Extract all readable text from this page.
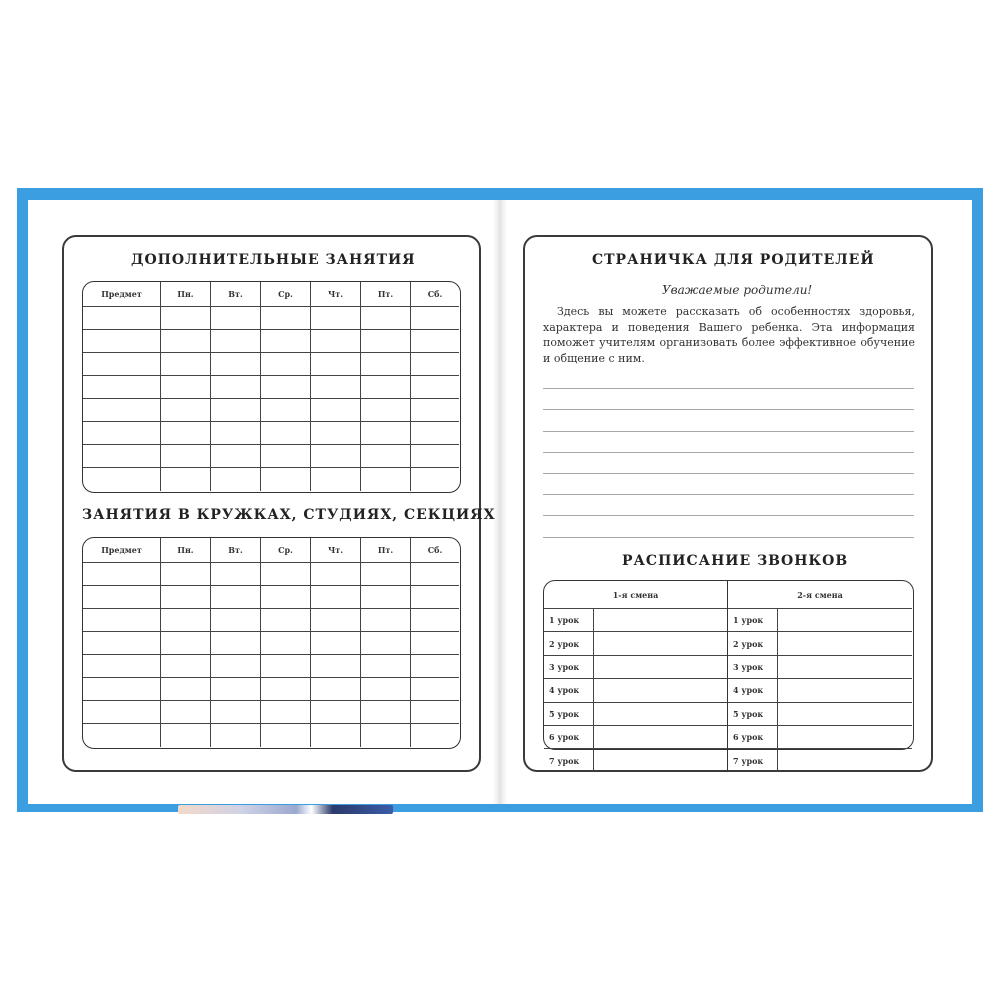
ДОПОЛНИТЕЛЬНЫЕ ЗАНЯТИЯ
Предмет	Пн.	Вт.	Ср.	Чт.	Пт.	Сб.

ЗАНЯТИЯ В КРУЖКАХ, СТУДИЯХ, СЕКЦИЯХ
Предмет	Пн.	Вт.	Ср.	Чт.	Пт.	Сб.

СТРАНИЧКА ДЛЯ РОДИТЕЛЕЙ
Уважаемые родители!
Здесь вы можете рассказать об особенностях здоровья, характера и поведения Вашего ребенка. Эта информация поможет учителям организовать более эффективное обучение и общение с ним.
РАСПИСАНИЕ ЗВОНКОВ
1-я смена		2-я смена	
1 урок		1 урок	
2 урок		2 урок	
3 урок		3 урок	
4 урок		4 урок	
5 урок		5 урок	
6 урок		6 урок	
7 урок		7 урок	
